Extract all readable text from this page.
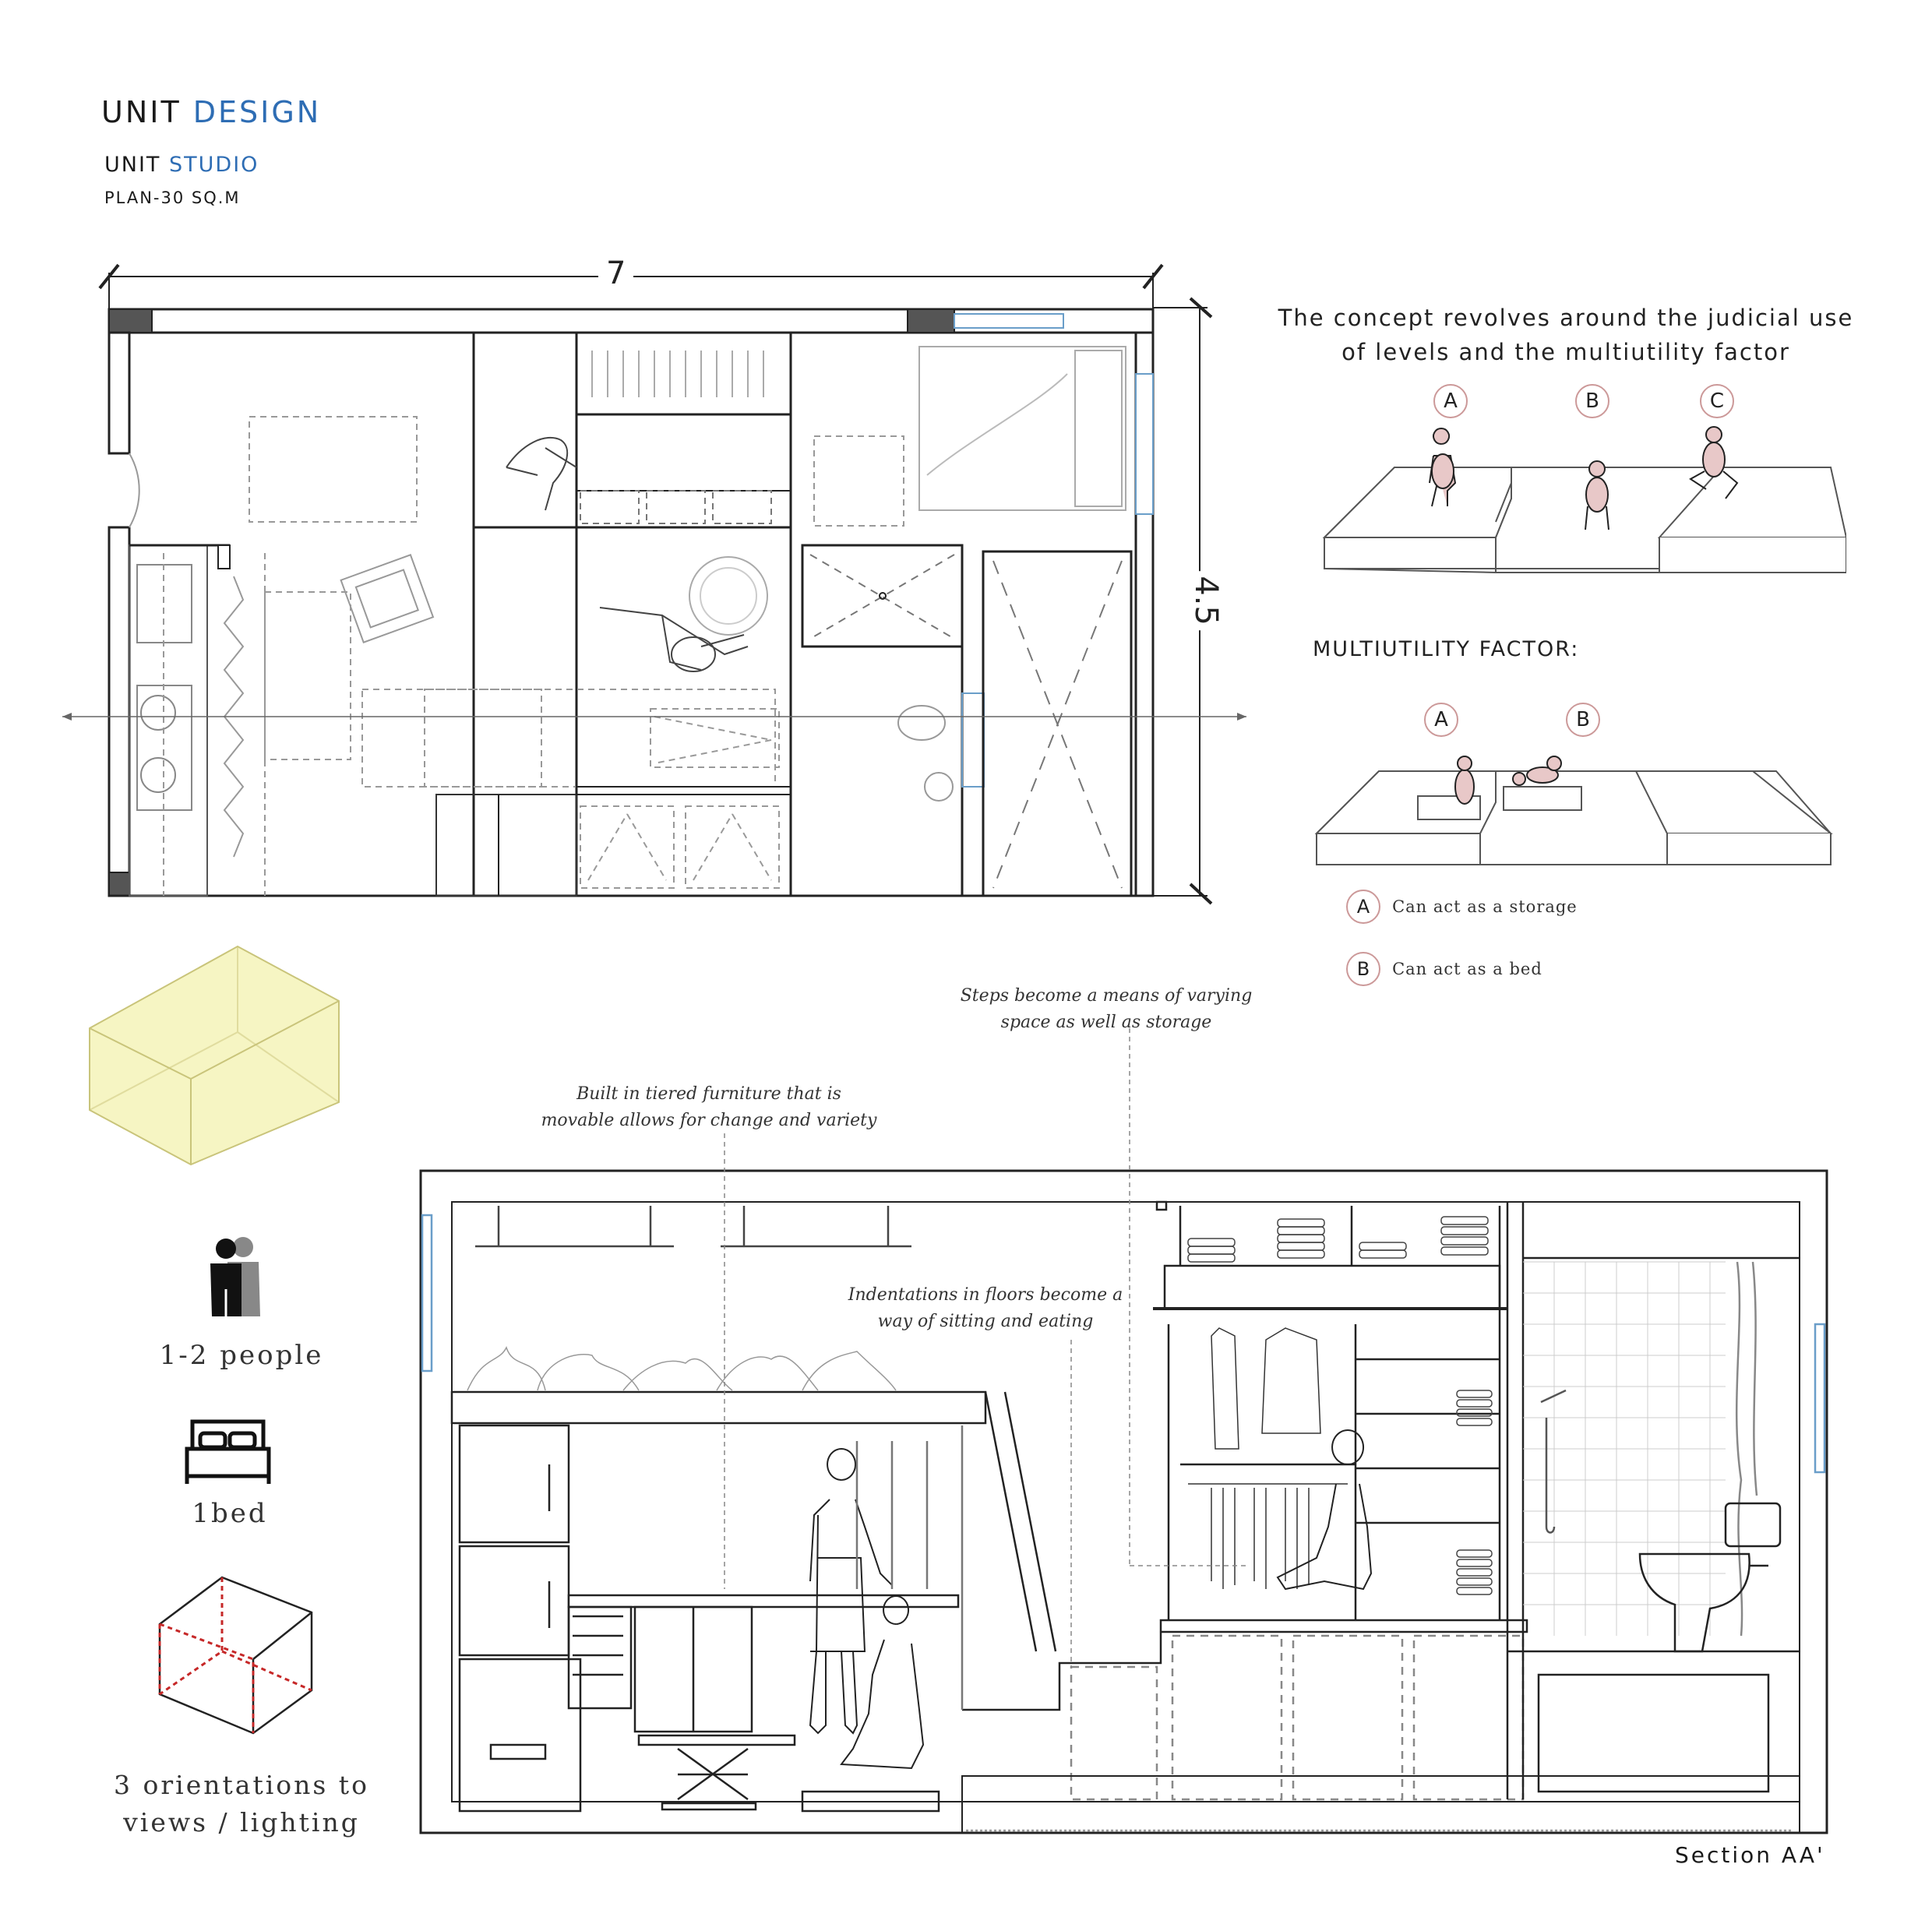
UNIT DESIGN
UNIT STUDIO
PLAN-30 SQ.M
7
4.5
The concept revolves around the judicial use
of levels and the multiutility factor
A	B	C
MULTIUTILITY FACTOR:
A	B
A Can act as a storage
B Can act as a bed
1-2 people
1bed
3 orientations to
views / lighting
Steps become a means of varying
space as well as storage
Built in tiered furniture that is
movable allows for change and variety
Indentations in floors become a
way of sitting and eating
Section AA'
